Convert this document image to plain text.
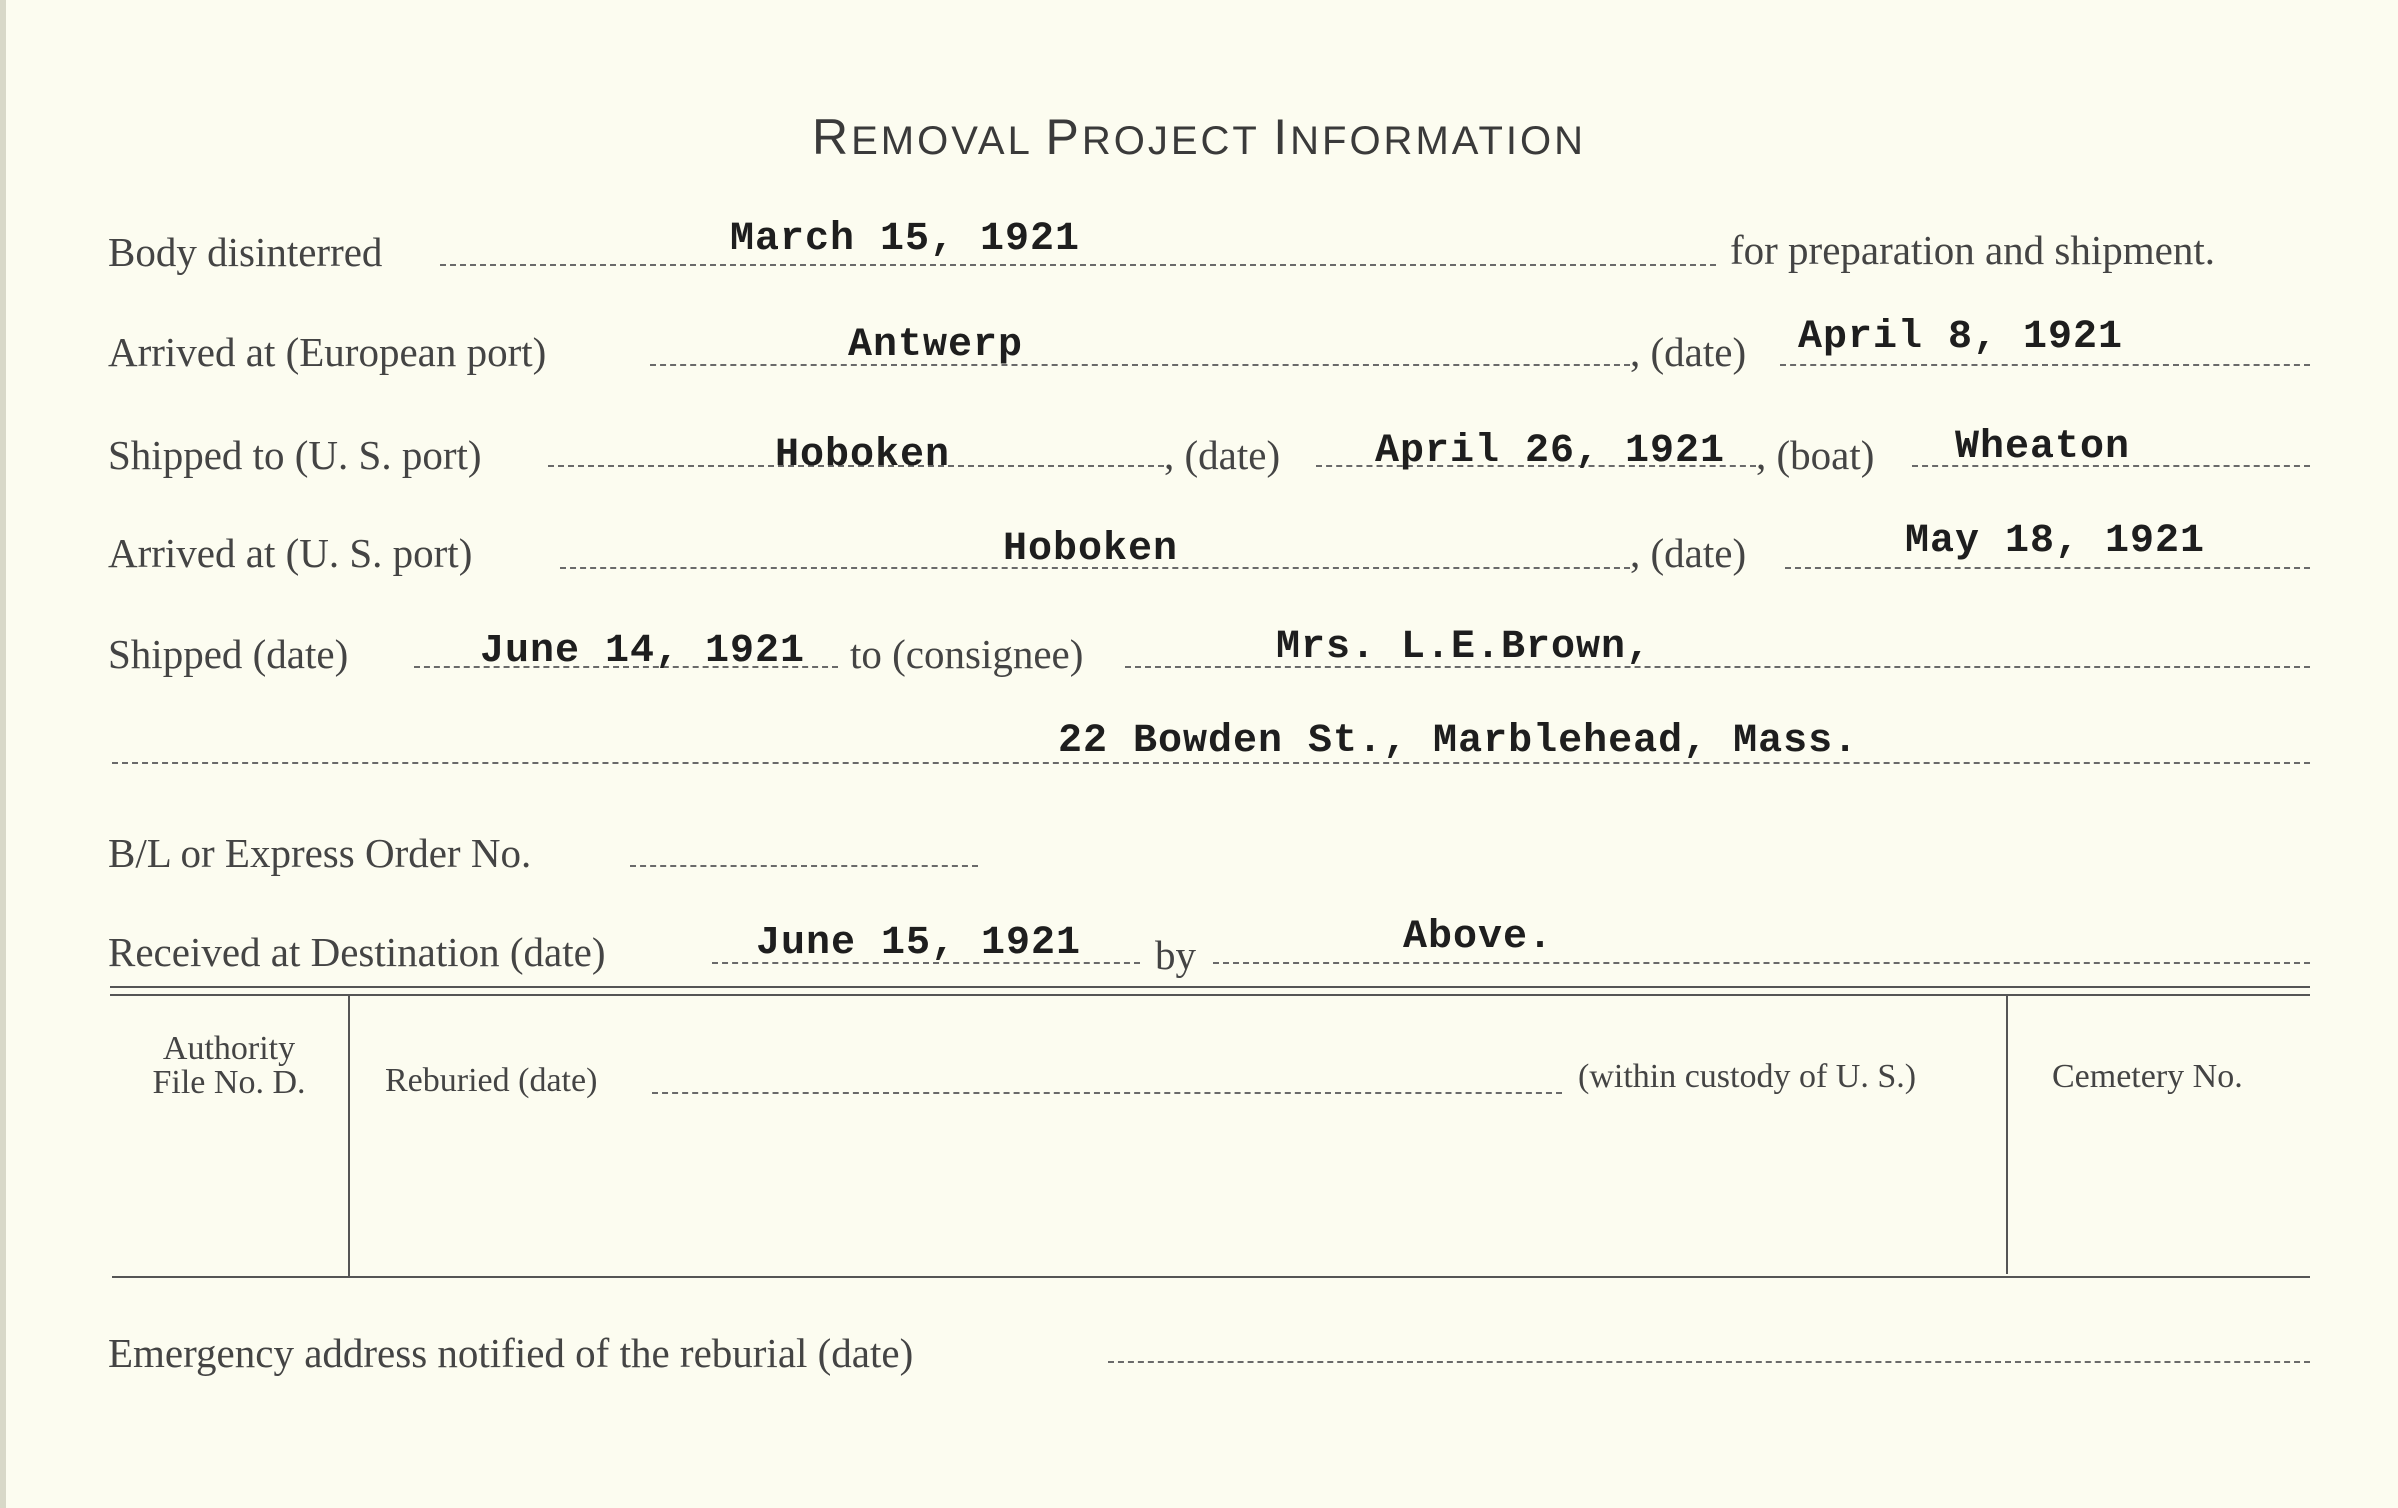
REMOVAL PROJECT INFORMATION
Body disinterred	March 15, 1921	for preparation and shipment.
Arrived at (European port)	Antwerp	, (date) April 8, 1921
Shipped to (U. S. port)	Hoboken	, (date) April 26, 1921 , (boat) Wheaton
Arrived at (U. S. port)	Hoboken	, (date)	May 18, 1921
Shipped (date)	June 14, 1921 to (consignee)	Mrs. L.E.Brown,
22 Bowden St., Marblehead, Mass.
B/L or Express Order No.
Received at Destination (date)	June 15, 1921 by	Above.
Authority
File No. D.	Reburied (date)	(within custody of U. S.)	Cemetery No.
Emergency address notified of the reburial (date)
